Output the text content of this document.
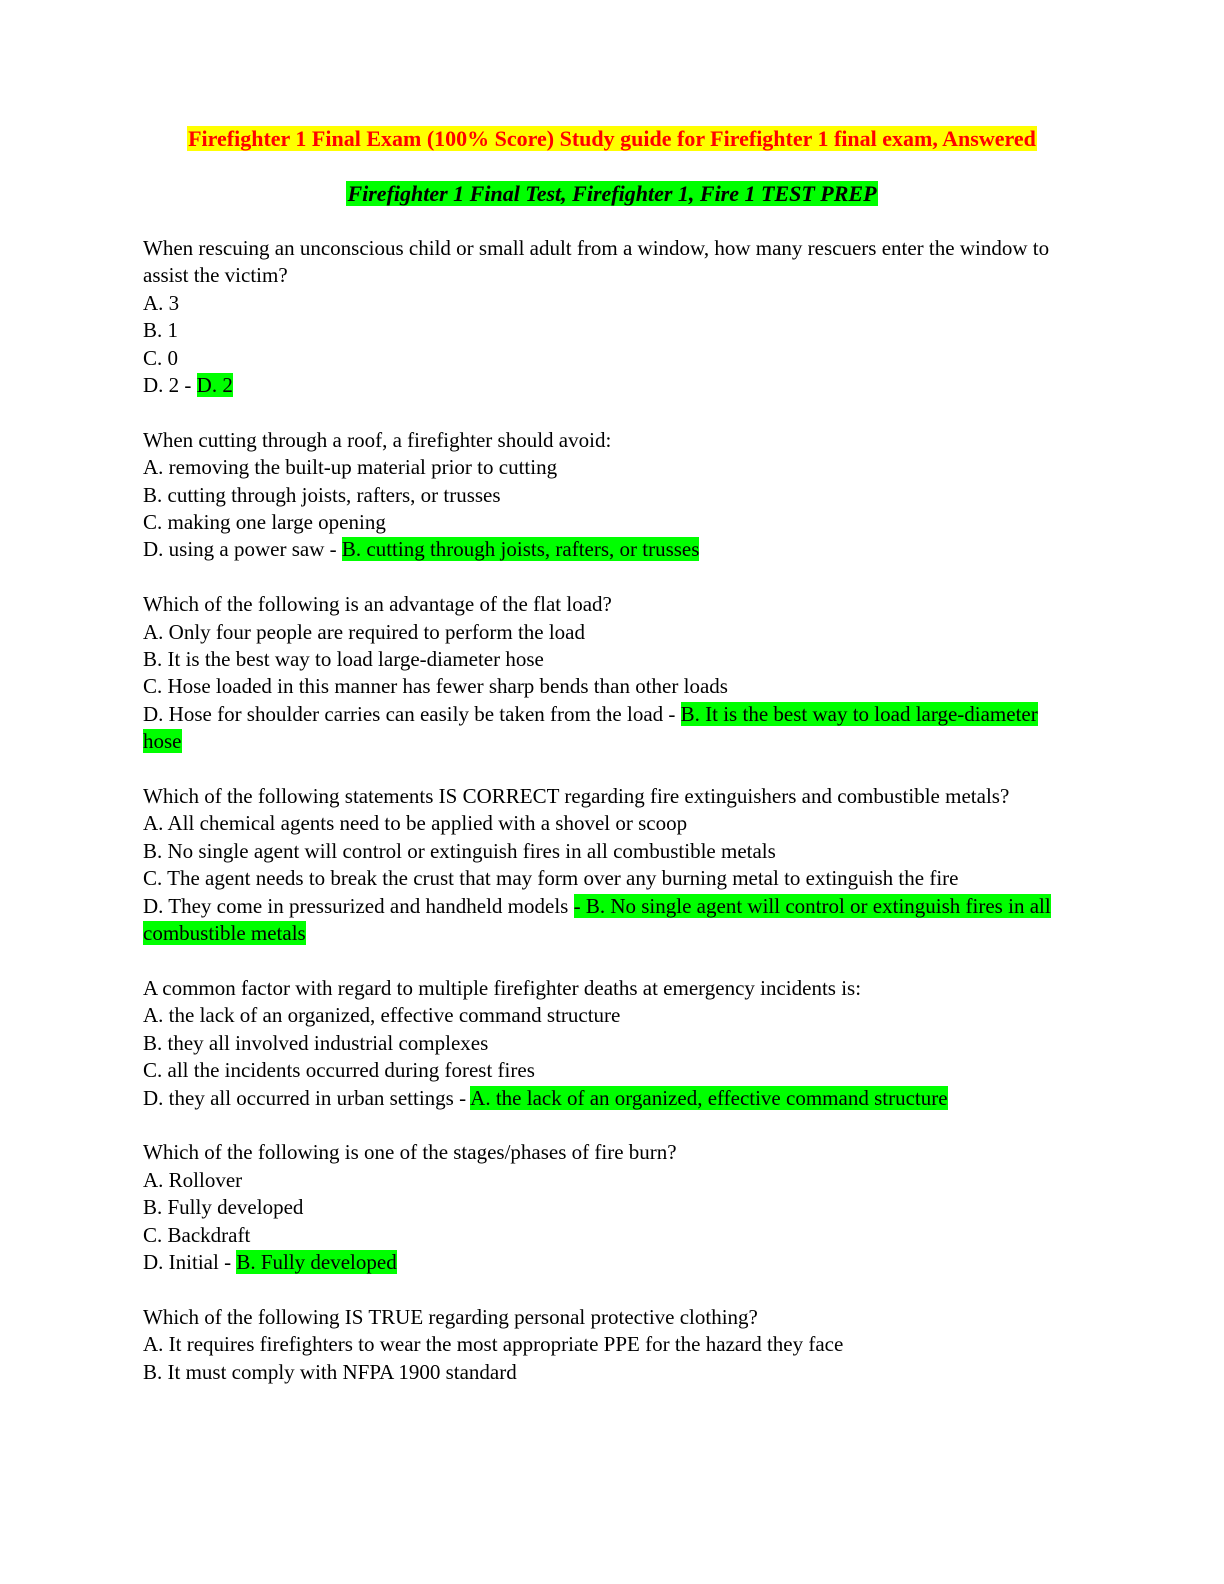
Firefighter 1 Final Exam (100% Score) Study guide for Firefighter 1 final exam, Answered
Firefighter 1 Final Test, Firefighter 1, Fire 1 TEST PREP
When rescuing an unconscious child or small adult from a window, how many rescuers enter the window to assist the victim?
A. 3
B. 1
C. 0
D. 2 - D. 2
When cutting through a roof, a firefighter should avoid:
A. removing the built-up material prior to cutting
B. cutting through joists, rafters, or trusses
C. making one large opening
D. using a power saw - B. cutting through joists, rafters, or trusses
Which of the following is an advantage of the flat load?
A. Only four people are required to perform the load
B. It is the best way to load large-diameter hose
C. Hose loaded in this manner has fewer sharp bends than other loads
D. Hose for shoulder carries can easily be taken from the load - B. It is the best way to load large-diameter hose
Which of the following statements IS CORRECT regarding fire extinguishers and combustible metals?
A. All chemical agents need to be applied with a shovel or scoop
B. No single agent will control or extinguish fires in all combustible metals
C. The agent needs to break the crust that may form over any burning metal to extinguish the fire
D. They come in pressurized and handheld models - B. No single agent will control or extinguish fires in all combustible metals
A common factor with regard to multiple firefighter deaths at emergency incidents is:
A. the lack of an organized, effective command structure
B. they all involved industrial complexes
C. all the incidents occurred during forest fires
D. they all occurred in urban settings - A. the lack of an organized, effective command structure
Which of the following is one of the stages/phases of fire burn?
A. Rollover
B. Fully developed
C. Backdraft
D. Initial - B. Fully developed
Which of the following IS TRUE regarding personal protective clothing?
A. It requires firefighters to wear the most appropriate PPE for the hazard they face
B. It must comply with NFPA 1900 standard
